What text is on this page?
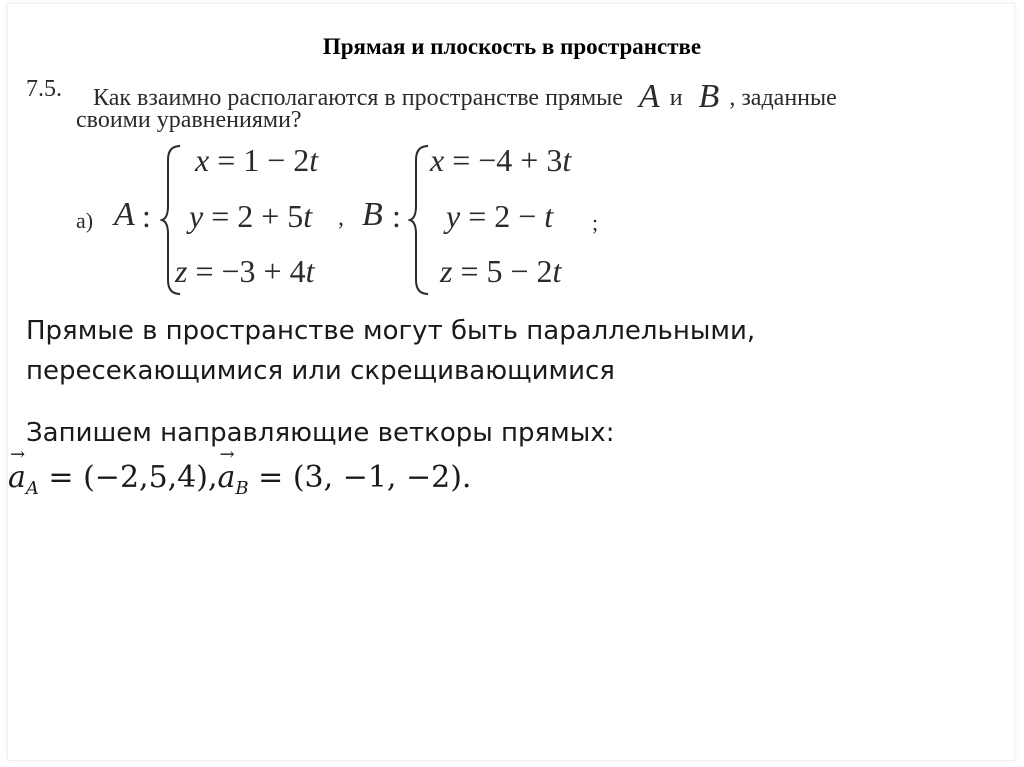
Прямая и плоскость в пространстве
7.5. Как взаимно располагаются в пространстве прямые A и B , заданные
своими уравнениями?
а) A :
x = 1 − 2t
y = 2 + 5t
z = −3 + 4t
, B :
x = −4 + 3t
y = 2 − t
z = 5 − 2t
;
Прямые в пространстве могут быть параллельными,
пересекающимися или скрещивающимися
Запишем направляющие веткоры прямых:
→ $a_A = (-2,5,4),\to a_B = (3$, −1, −2).
